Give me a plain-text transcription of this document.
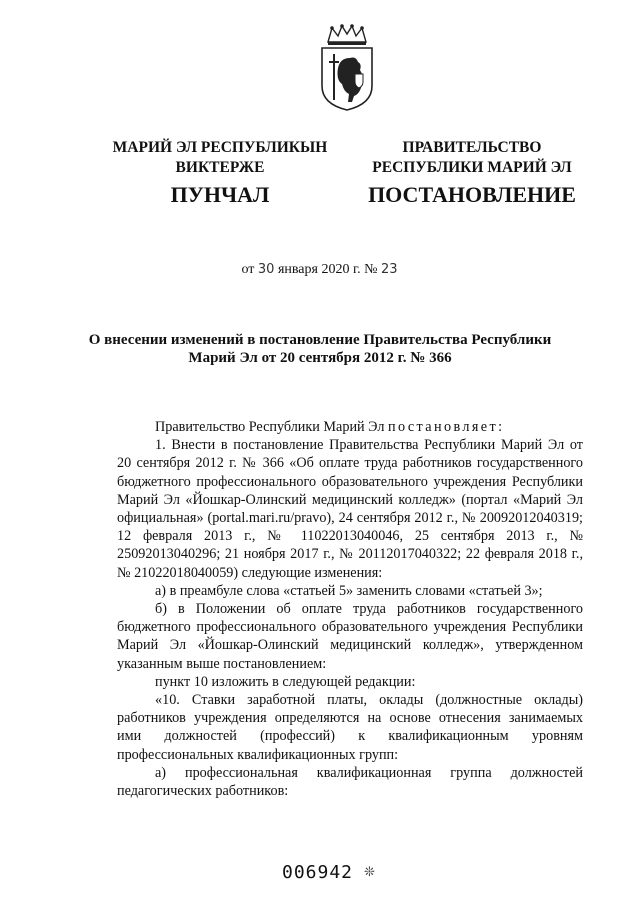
МАРИЙ ЭЛ РЕСПУБЛИКЫН
ВИКТЕРЖЕ
ПРАВИТЕЛЬСТВО
РЕСПУБЛИКИ МАРИЙ ЭЛ
ПУНЧАЛ	ПОСТАНОВЛЕНИЕ
от 30 января 2020 г. № 23
О внесении изменений в постановление Правительства Республики
Марий Эл от 20 сентября 2012 г. № 366

Правительство Республики Марий Эл постановляет:

1. Внести в постановление Правительства Республики Марий Эл от 20 сентября 2012 г. № 366 «Об оплате труда работников государственного бюджетного профессионального образовательного учреждения Республики Марий Эл «Йошкар-Олинский медицинский колледж» (портал «Марий Эл официальная» (portal.mari.ru/pravo), 24 сентября 2012 г., № 20092012040319; 12 февраля 2013 г., № 11022013040046, 25 сентября 2013 г., № 25092013040296; 21 ноября 2017 г., № 20112017040322; 22 февраля 2018 г., № 21022018040059) следующие изменения:

а) в преамбуле слова «статьей 5» заменить словами «статьей 3»;

б) в Положении об оплате труда работников государственного бюджетного профессионального образовательного учреждения Республики Марий Эл «Йошкар-Олинский медицинский колледж», утвержденном указанным выше постановлением:

пункт 10 изложить в следующей редакции:

«10. Ставки заработной платы, оклады (должностные оклады) работников учреждения определяются на основе отнесения занимаемых ими должностей (профессий) к квалификационным уровням профессиональных квалификационных групп:

а) профессиональная квалификационная группа должностей педагогических работников:

006942 ❊
